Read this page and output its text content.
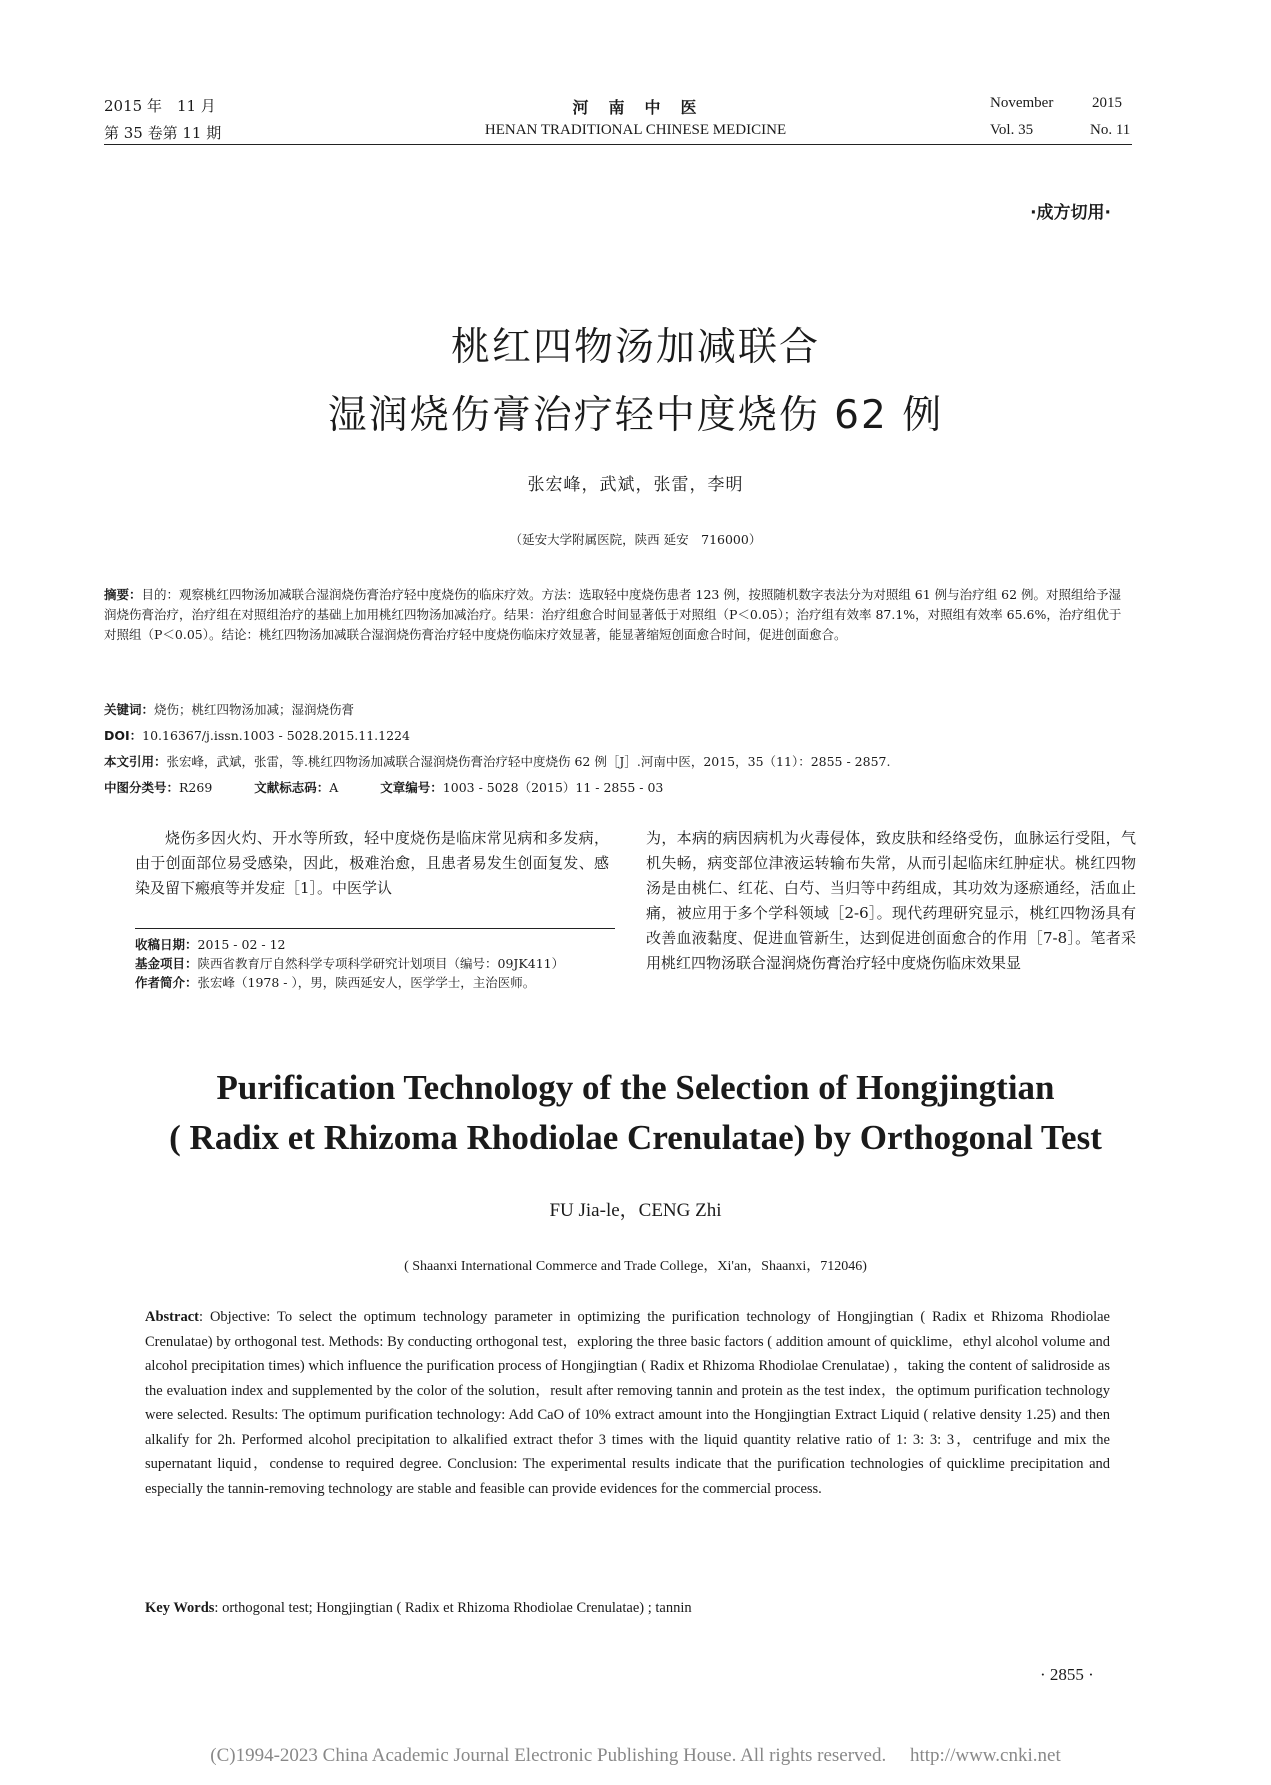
2015 年　11 月
第 35 卷第 11 期
河　南　中　医
HENAN TRADITIONAL CHINESE MEDICINE
November	2015
Vol. 35	No. 11
·成方切用·
桃红四物汤加减联合
湿润烧伤膏治疗轻中度烧伤 62 例
张宏峰，武斌，张雷，李明
（延安大学附属医院，陕西 延安　716000）
摘要：目的：观察桃红四物汤加减联合湿润烧伤膏治疗轻中度烧伤的临床疗效。方法：选取轻中度烧伤患者 123 例，按照随机数字表法分为对照组 61 例与治疗组 62 例。对照组给予湿润烧伤膏治疗，治疗组在对照组治疗的基础上加用桃红四物汤加减治疗。结果：治疗组愈合时间显著低于对照组（P＜0.05）；治疗组有效率 87.1%，对照组有效率 65.6%，治疗组优于对照组（P＜0.05）。结论：桃红四物汤加减联合湿润烧伤膏治疗轻中度烧伤临床疗效显著，能显著缩短创面愈合时间，促进创面愈合。
关键词：烧伤；桃红四物汤加减；湿润烧伤膏
DOI：10.16367/j.issn.1003 - 5028.2015.11.1224
本文引用：张宏峰，武斌，张雷，等.桃红四物汤加减联合湿润烧伤膏治疗轻中度烧伤 62 例［J］.河南中医，2015，35（11）：2855 - 2857.
中图分类号：R269	文献标志码：A	文章编号：1003 - 5028（2015）11 - 2855 - 03
烧伤多因火灼、开水等所致，轻中度烧伤是临床常见病和多发病，由于创面部位易受感染，因此，极难治愈，且患者易发生创面复发、感染及留下瘢痕等并发症［1］。中医学认
收稿日期：2015 - 02 - 12
基金项目：陕西省教育厅自然科学专项科学研究计划项目（编号：09JK411）
作者简介：张宏峰（1978 - ），男，陕西延安人，医学学士，主治医师。
为，本病的病因病机为火毒侵体，致皮肤和经络受伤，血脉运行受阻，气机失畅，病变部位津液运转输布失常，从而引起临床红肿症状。桃红四物汤是由桃仁、红花、白芍、当归等中药组成，其功效为逐瘀通经，活血止痛，被应用于多个学科领域［2-6］。现代药理研究显示，桃红四物汤具有改善血液黏度、促进血管新生，达到促进创面愈合的作用［7-8］。笔者采用桃红四物汤联合湿润烧伤膏治疗轻中度烧伤临床效果显
Purification Technology of the Selection of Hongjingtian
( Radix et Rhizoma Rhodiolae Crenulatae) by Orthogonal Test
FU Jia-le，CENG Zhi
( Shaanxi International Commerce and Trade College，Xi'an，Shaanxi，712046)
Abstract: Objective: To select the optimum technology parameter in optimizing the purification technology of Hongjingtian ( Radix et Rhizoma Rhodiolae Crenulatae) by orthogonal test. Methods: By conducting orthogonal test，exploring the three basic factors ( addition amount of quicklime，ethyl alcohol volume and alcohol precipitation times) which influence the purification process of Hongjingtian ( Radix et Rhizoma Rhodiolae Crenulatae) ，taking the content of salidroside as the evaluation index and supplemented by the color of the solution，result after removing tannin and protein as the test index，the optimum purification technology were selected. Results: The optimum purification technology: Add CaO of 10% extract amount into the Hongjingtian Extract Liquid ( relative density 1.25) and then alkalify for 2h. Performed alcohol precipitation to alkalified extract thefor 3 times with the liquid quantity relative ratio of 1: 3: 3: 3，centrifuge and mix the supernatant liquid，condense to required degree. Conclusion: The experimental results indicate that the purification technologies of quicklime precipitation and especially the tannin-removing technology are stable and feasible can provide evidences for the commercial process.
Key Words: orthogonal test; Hongjingtian ( Radix et Rhizoma Rhodiolae Crenulatae) ; tannin
· 2855 ·
(C)1994-2023 China Academic Journal Electronic Publishing House. All rights reserved.　 http://www.cnki.net
